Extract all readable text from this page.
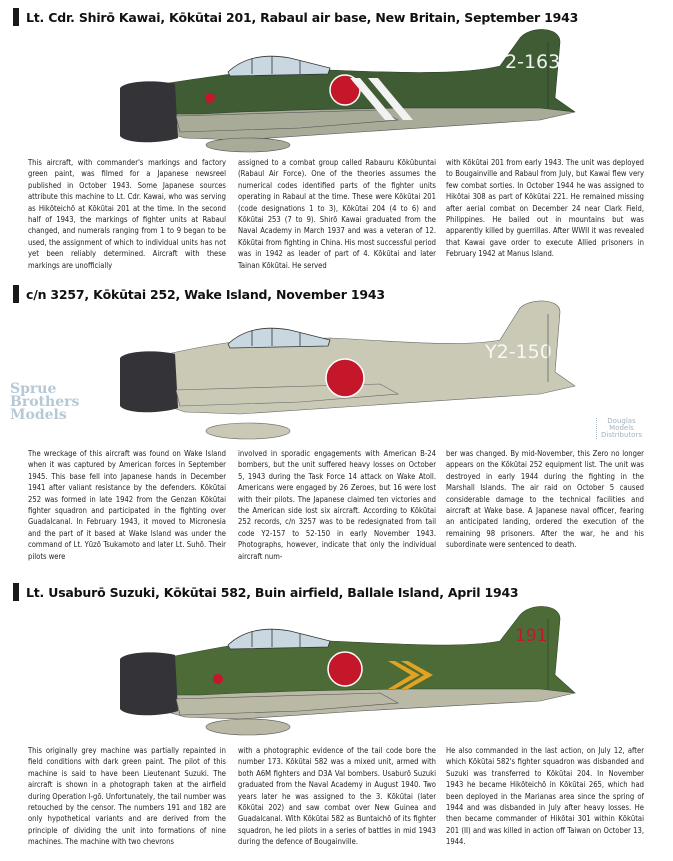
Lt. Cdr. Shirō Kawai, Kōkūtai 201, Rabaul air base, New Britain, September 1943
2-163
This aircraft, with commander's markings and factory green paint, was filmed for a Japanese newsreel published in October 1943. Some Japanese sources attribute this machine to Lt. Cdr. Kawai, who was serving as Hikōteichō at Kōkūtai 201 at the time. In the second half of 1943, the markings of fighter units at Rabaul changed, and numerals ranging from 1 to 9 began to be used, the assignment of which to individual units has not yet been reliably determined. Aircraft with these markings are unofficially
assigned to a combat group called Rabauru Kōkūbuntai (Rabaul Air Force). One of the theories assumes the numerical codes identified parts of the fighter units operating in Rabaul at the time. These were Kōkūtai 201 (code designations 1 to 3), Kōkūtai 204 (4 to 6) and Kōkūtai 253 (7 to 9). Shirō Kawai graduated from the Naval Academy in March 1937 and was a veteran of 12. Kōkūtai from fighting in China. His most successful period was in 1942 as leader of part of 4. Kōkūtai and later Tainan Kōkūtai. He served
with Kōkūtai 201 from early 1943. The unit was deployed to Bougainville and Rabaul from July, but Kawai flew very few combat sorties. In October 1944 he was assigned to Hikōtai 308 as part of Kōkūtai 221. He remained missing after aerial combat on December 24 near Clark Field, Philippines. He bailed out in mountains but was apparently killed by guerrillas. After WWII it was revealed that Kawai gave order to execute Allied prisoners in February 1942 at Manus Island.
c/n 3257, Kōkūtai 252, Wake Island, November 1943
Y2-150
Sprue
Brothers
Models	Douglas
Models
Distributors
The wreckage of this aircraft was found on Wake Island when it was captured by American forces in September 1945. This base fell into Japanese hands in December 1941 after valiant resistance by the defenders. Kōkūtai 252 was formed in late 1942 from the Genzan Kōkūtai fighter squadron and participated in the fighting over Guadalcanal. In February 1943, it moved to Micronesia and the part of it based at Wake Island was under the command of Lt. Yūzō Tsukamoto and later Lt. Suhō. Their pilots were
involved in sporadic engagements with American B-24 bombers, but the unit suffered heavy losses on October 5, 1943 during the Task Force 14 attack on Wake Atoll. Americans were engaged by 26 Zeroes, but 16 were lost with their pilots. The Japanese claimed ten victories and the American side lost six aircraft. According to Kōkūtai 252 records, c/n 3257 was to be redesignated from tail code Y2-157 to 52-150 in early November 1943. Photographs, however, indicate that only the individual aircraft num-
ber was changed. By mid-November, this Zero no longer appears on the Kōkūtai 252 equipment list. The unit was destroyed in early 1944 during the fighting in the Marshall Islands. The air raid on October 5 caused considerable damage to the technical facilities and aircraft at Wake base. A Japanese naval officer, fearing an anticipated landing, ordered the execution of the remaining 98 prisoners. After the war, he and his subordinate were sentenced to death.
Lt. Usaburō Suzuki, Kōkūtai 582, Buin airfield, Ballale Island, April 1943
191
This originally grey machine was partially repainted in field conditions with dark green paint. The pilot of this machine is said to have been Lieutenant Suzuki. The aircraft is shown in a photograph taken at the airfield during Operation I-gō. Unfortunately, the tail number was retouched by the censor. The numbers 191 and 182 are only hypothetical variants and are derived from the principle of dividing the unit into formations of nine machines. The machine with two chevrons
with a photographic evidence of the tail code bore the number 173. Kōkūtai 582 was a mixed unit, armed with both A6M fighters and D3A Val bombers. Usaburō Suzuki graduated from the Naval Academy in August 1940. Two years later he was assigned to the 3. Kōkūtai (later Kōkūtai 202) and saw combat over New Guinea and Guadalcanal. With Kōkūtai 582 as Buntaichō of its fighter squadron, he led pilots in a series of battles in mid 1943 during the defence of Bougainville.
He also commanded in the last action, on July 12, after which Kōkūtai 582's fighter squadron was disbanded and Suzuki was transferred to Kōkūtai 204. In November 1943 he became Hikōteichō in Kōkūtai 265, which had been deployed in the Marianas area since the spring of 1944 and was disbanded in July after heavy losses. He then became commander of Hikōtai 301 within Kōkūtai 201 (II) and was killed in action off Taiwan on October 13, 1944.
